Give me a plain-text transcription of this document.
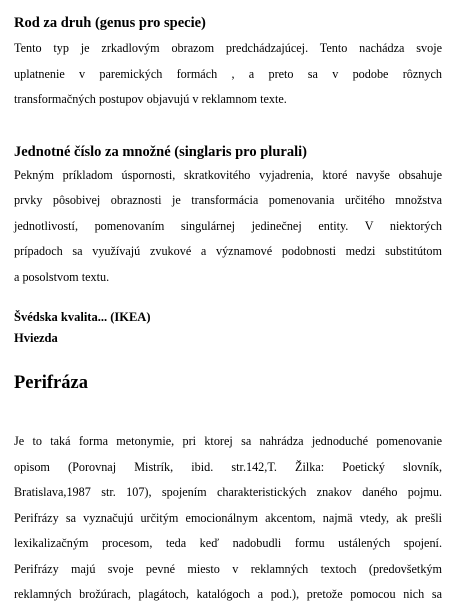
Rod za druh (genus pro specie)

Tento typ je zrkadlovým obrazom predchádzajúcej. Tento nachádza svoje
uplatnenie v paremických formách , a preto sa v podobe rôznych
transformačných postupov objavujú v reklamnom texte.

Jednotné číslo za množné (singlaris pro plurali)

Pekným príkladom úspornosti, skratkovitého vyjadrenia, ktoré navyše obsahuje
prvky pôsobivej obraznosti je transformácia pomenovania určitého množstva
jednotlivostí, pomenovaním singulárnej jedinečnej entity. V niektorých
prípadoch sa využívajú zvukové a významové podobnosti medzi substitútom
a posolstvom textu.

Švédska kvalita... (IKEA)

Hviezda

Perifráza

Je to taká forma metonymie, pri ktorej sa nahrádza jednoduché pomenovanie
opisom (Porovnaj Mistrík, ibid. str.142,T. Žilka: Poetický slovník,
Bratislava,1987 str. 107), spojením charakteristických znakov daného pojmu.
Perifrázy sa vyznačujú určitým emocionálnym akcentom, najmä vtedy, ak prešli
lexikalizačným procesom, teda keď nadobudli formu ustálených spojení.
Perifrázy majú svoje pevné miesto v reklamných textoch (predovšetkým
reklamných brožúrach, plagátoch, katalógoch a pod.), pretože pomocou nich sa
